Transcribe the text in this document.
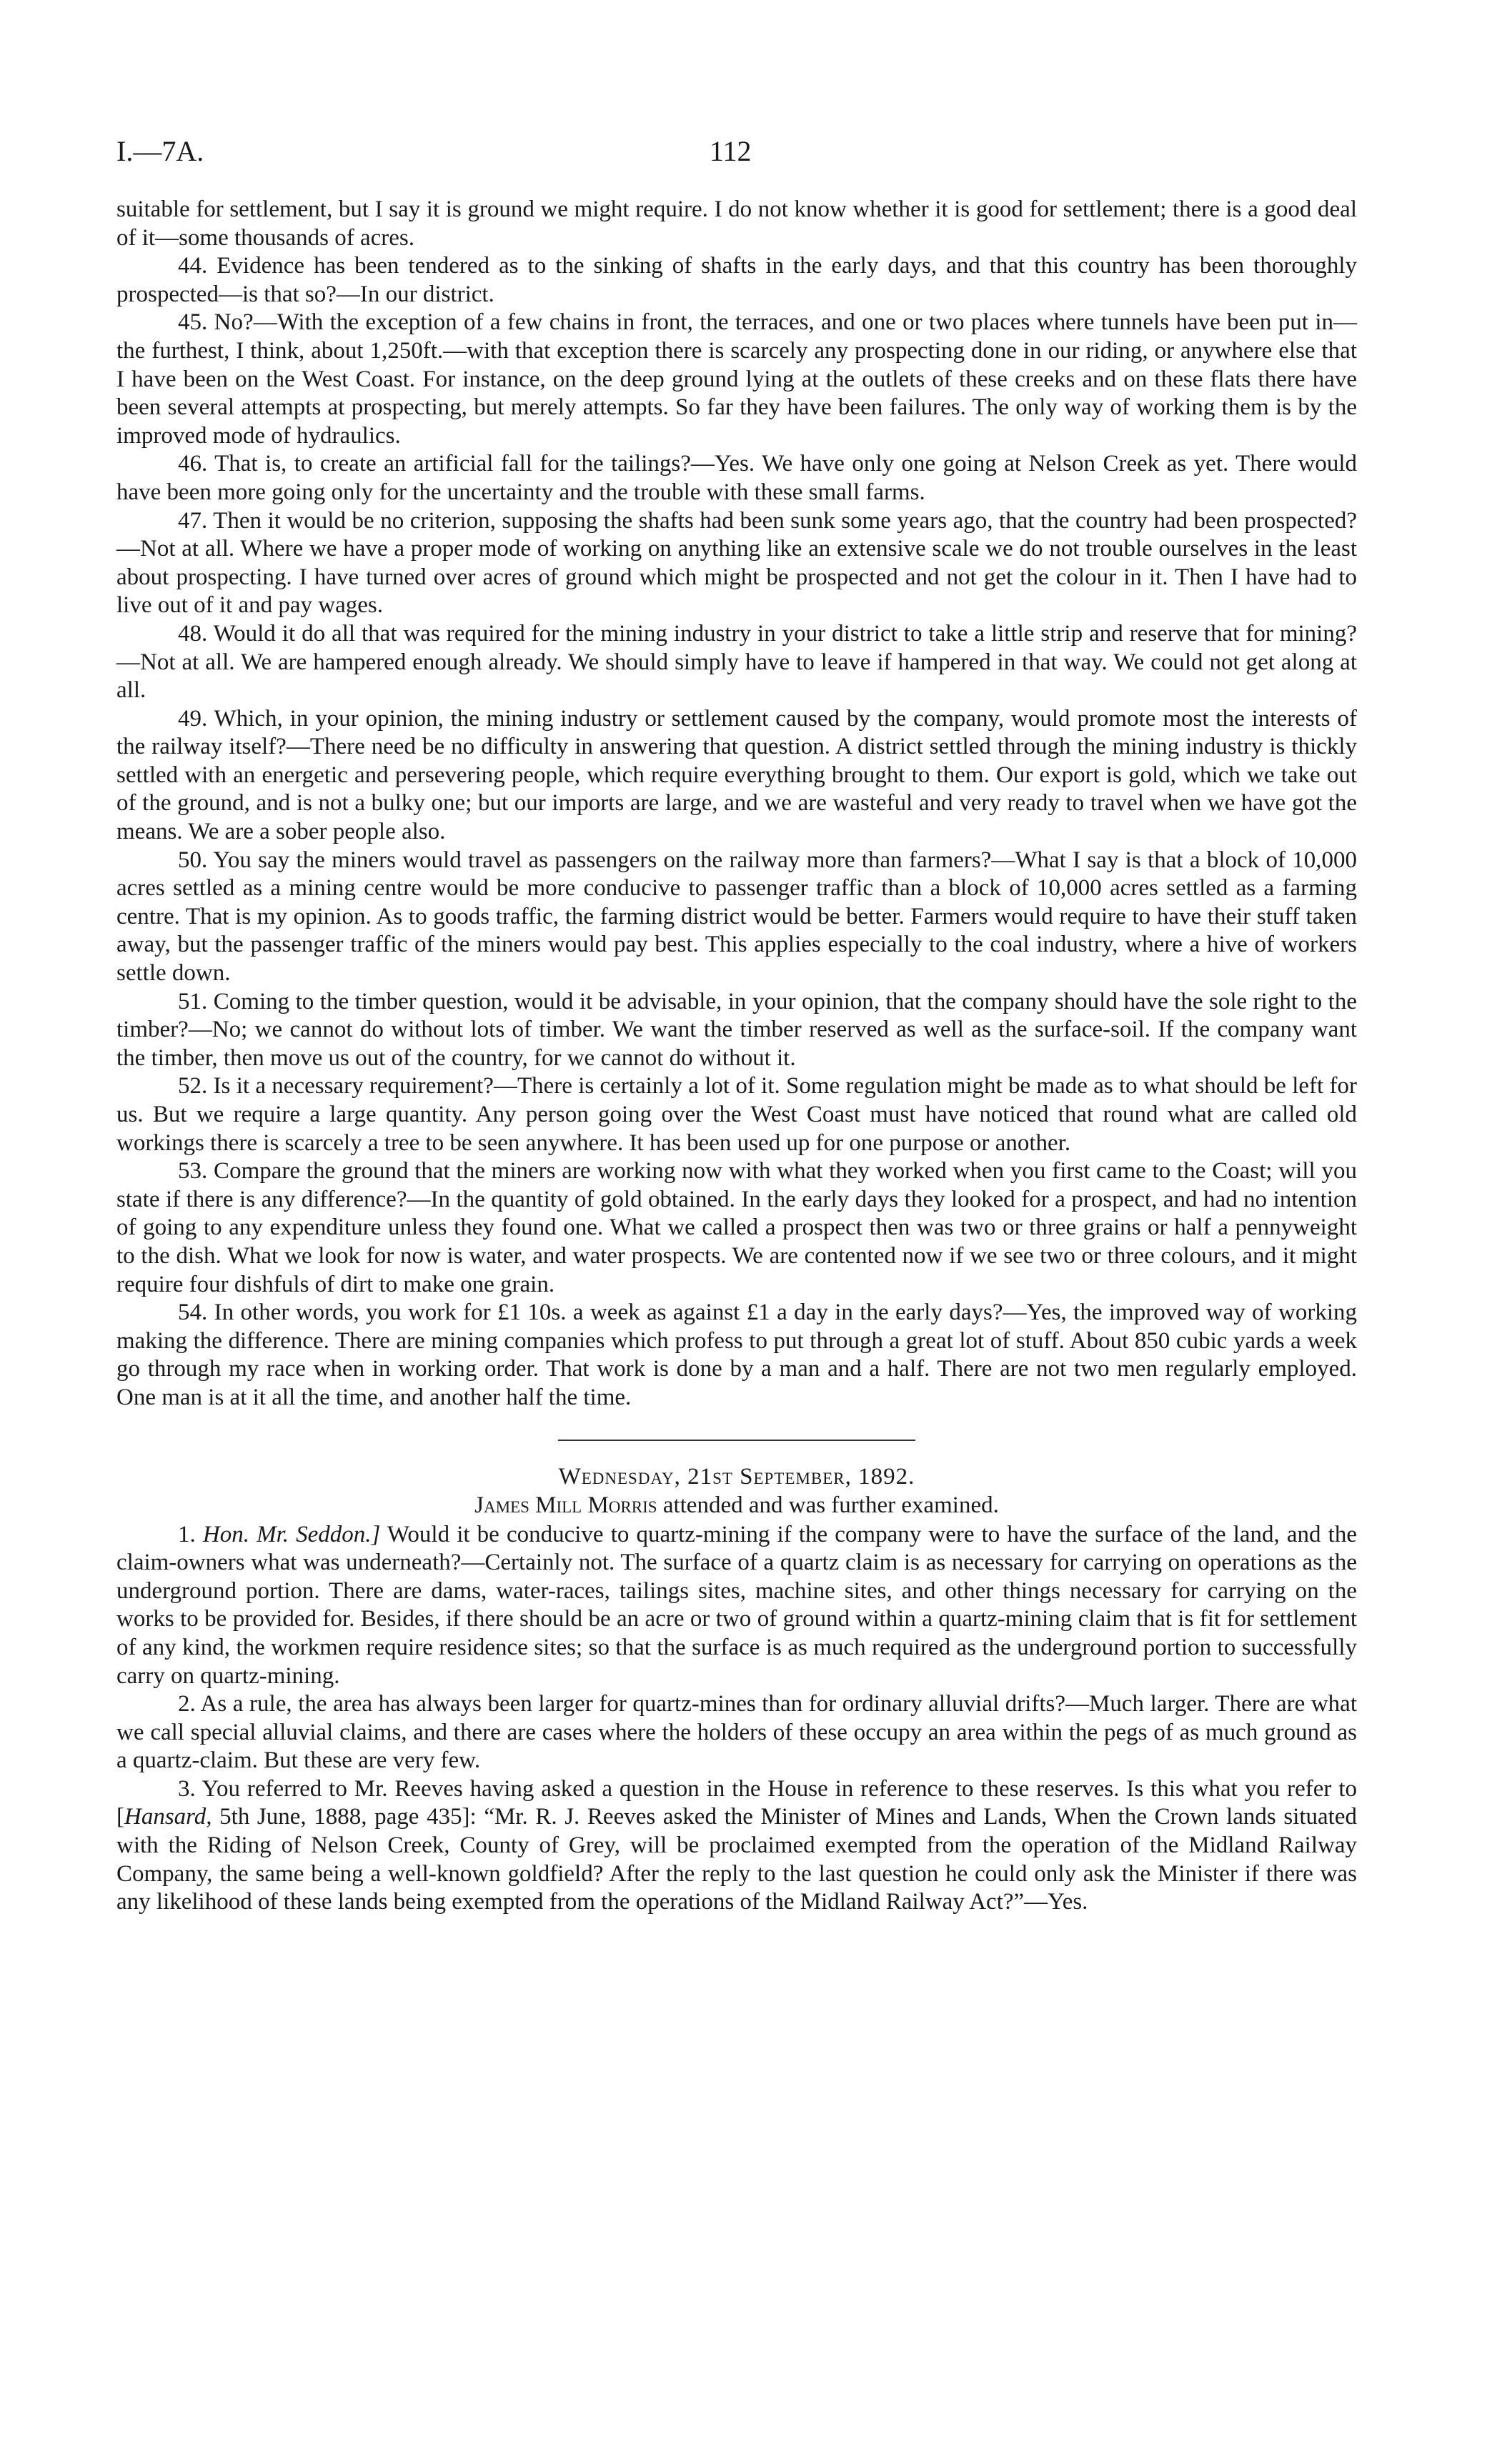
I.—7A.	112

suitable for settlement, but I say it is ground we might require. I do not know whether it is good for settlement; there is a good deal of it—some thousands of acres.

44. Evidence has been tendered as to the sinking of shafts in the early days, and that this country has been thoroughly prospected—is that so?—In our district.

45. No?—With the exception of a few chains in front, the terraces, and one or two places where tunnels have been put in—the furthest, I think, about 1,250ft.—with that exception there is scarcely any prospecting done in our riding, or anywhere else that I have been on the West Coast. For instance, on the deep ground lying at the outlets of these creeks and on these flats there have been several attempts at prospecting, but merely attempts. So far they have been failures. The only way of working them is by the improved mode of hydraulics.

46. That is, to create an artificial fall for the tailings?—Yes. We have only one going at Nelson Creek as yet. There would have been more going only for the uncertainty and the trouble with these small farms.

47. Then it would be no criterion, supposing the shafts had been sunk some years ago, that the country had been prospected?—Not at all. Where we have a proper mode of working on anything like an extensive scale we do not trouble ourselves in the least about prospecting. I have turned over acres of ground which might be prospected and not get the colour in it. Then I have had to live out of it and pay wages.

48. Would it do all that was required for the mining industry in your district to take a little strip and reserve that for mining?—Not at all. We are hampered enough already. We should simply have to leave if hampered in that way. We could not get along at all.

49. Which, in your opinion, the mining industry or settlement caused by the company, would promote most the interests of the railway itself?—There need be no difficulty in answering that question. A district settled through the mining industry is thickly settled with an energetic and persevering people, which require everything brought to them. Our export is gold, which we take out of the ground, and is not a bulky one; but our imports are large, and we are wasteful and very ready to travel when we have got the means. We are a sober people also.

50. You say the miners would travel as passengers on the railway more than farmers?—What I say is that a block of 10,000 acres settled as a mining centre would be more conducive to passenger traffic than a block of 10,000 acres settled as a farming centre. That is my opinion. As to goods traffic, the farming district would be better. Farmers would require to have their stuff taken away, but the passenger traffic of the miners would pay best. This applies especially to the coal industry, where a hive of workers settle down.

51. Coming to the timber question, would it be advisable, in your opinion, that the company should have the sole right to the timber?—No; we cannot do without lots of timber. We want the timber reserved as well as the surface-soil. If the company want the timber, then move us out of the country, for we cannot do without it.

52. Is it a necessary requirement?—There is certainly a lot of it. Some regulation might be made as to what should be left for us. But we require a large quantity. Any person going over the West Coast must have noticed that round what are called old workings there is scarcely a tree to be seen anywhere. It has been used up for one purpose or another.

53. Compare the ground that the miners are working now with what they worked when you first came to the Coast; will you state if there is any difference?—In the quantity of gold obtained. In the early days they looked for a prospect, and had no intention of going to any expenditure unless they found one. What we called a prospect then was two or three grains or half a pennyweight to the dish. What we look for now is water, and water prospects. We are contented now if we see two or three colours, and it might require four dishfuls of dirt to make one grain.

54. In other words, you work for £1 10s. a week as against £1 a day in the early days?—Yes, the improved way of working making the difference. There are mining companies which profess to put through a great lot of stuff. About 850 cubic yards a week go through my race when in working order. That work is done by a man and a half. There are not two men regularly employed. One man is at it all the time, and another half the time.

Wednesday, 21st September, 1892.
James Mill Morris attended and was further examined.

1. Hon. Mr. Seddon.] Would it be conducive to quartz-mining if the company were to have the surface of the land, and the claim-owners what was underneath?—Certainly not. The surface of a quartz claim is as necessary for carrying on operations as the underground portion. There are dams, water-races, tailings sites, machine sites, and other things necessary for carrying on the works to be provided for. Besides, if there should be an acre or two of ground within a quartz-mining claim that is fit for settlement of any kind, the workmen require residence sites; so that the surface is as much required as the underground portion to successfully carry on quartz-mining.

2. As a rule, the area has always been larger for quartz-mines than for ordinary alluvial drifts?—Much larger. There are what we call special alluvial claims, and there are cases where the holders of these occupy an area within the pegs of as much ground as a quartz-claim. But these are very few.

3. You referred to Mr. Reeves having asked a question in the House in reference to these reserves. Is this what you refer to [Hansard, 5th June, 1888, page 435]: “Mr. R. J. Reeves asked the Minister of Mines and Lands, When the Crown lands situated with the Riding of Nelson Creek, County of Grey, will be proclaimed exempted from the operation of the Midland Railway Company, the same being a well-known goldfield? After the reply to the last question he could only ask the Minister if there was any likelihood of these lands being exempted from the operations of the Midland Railway Act?”—Yes.
